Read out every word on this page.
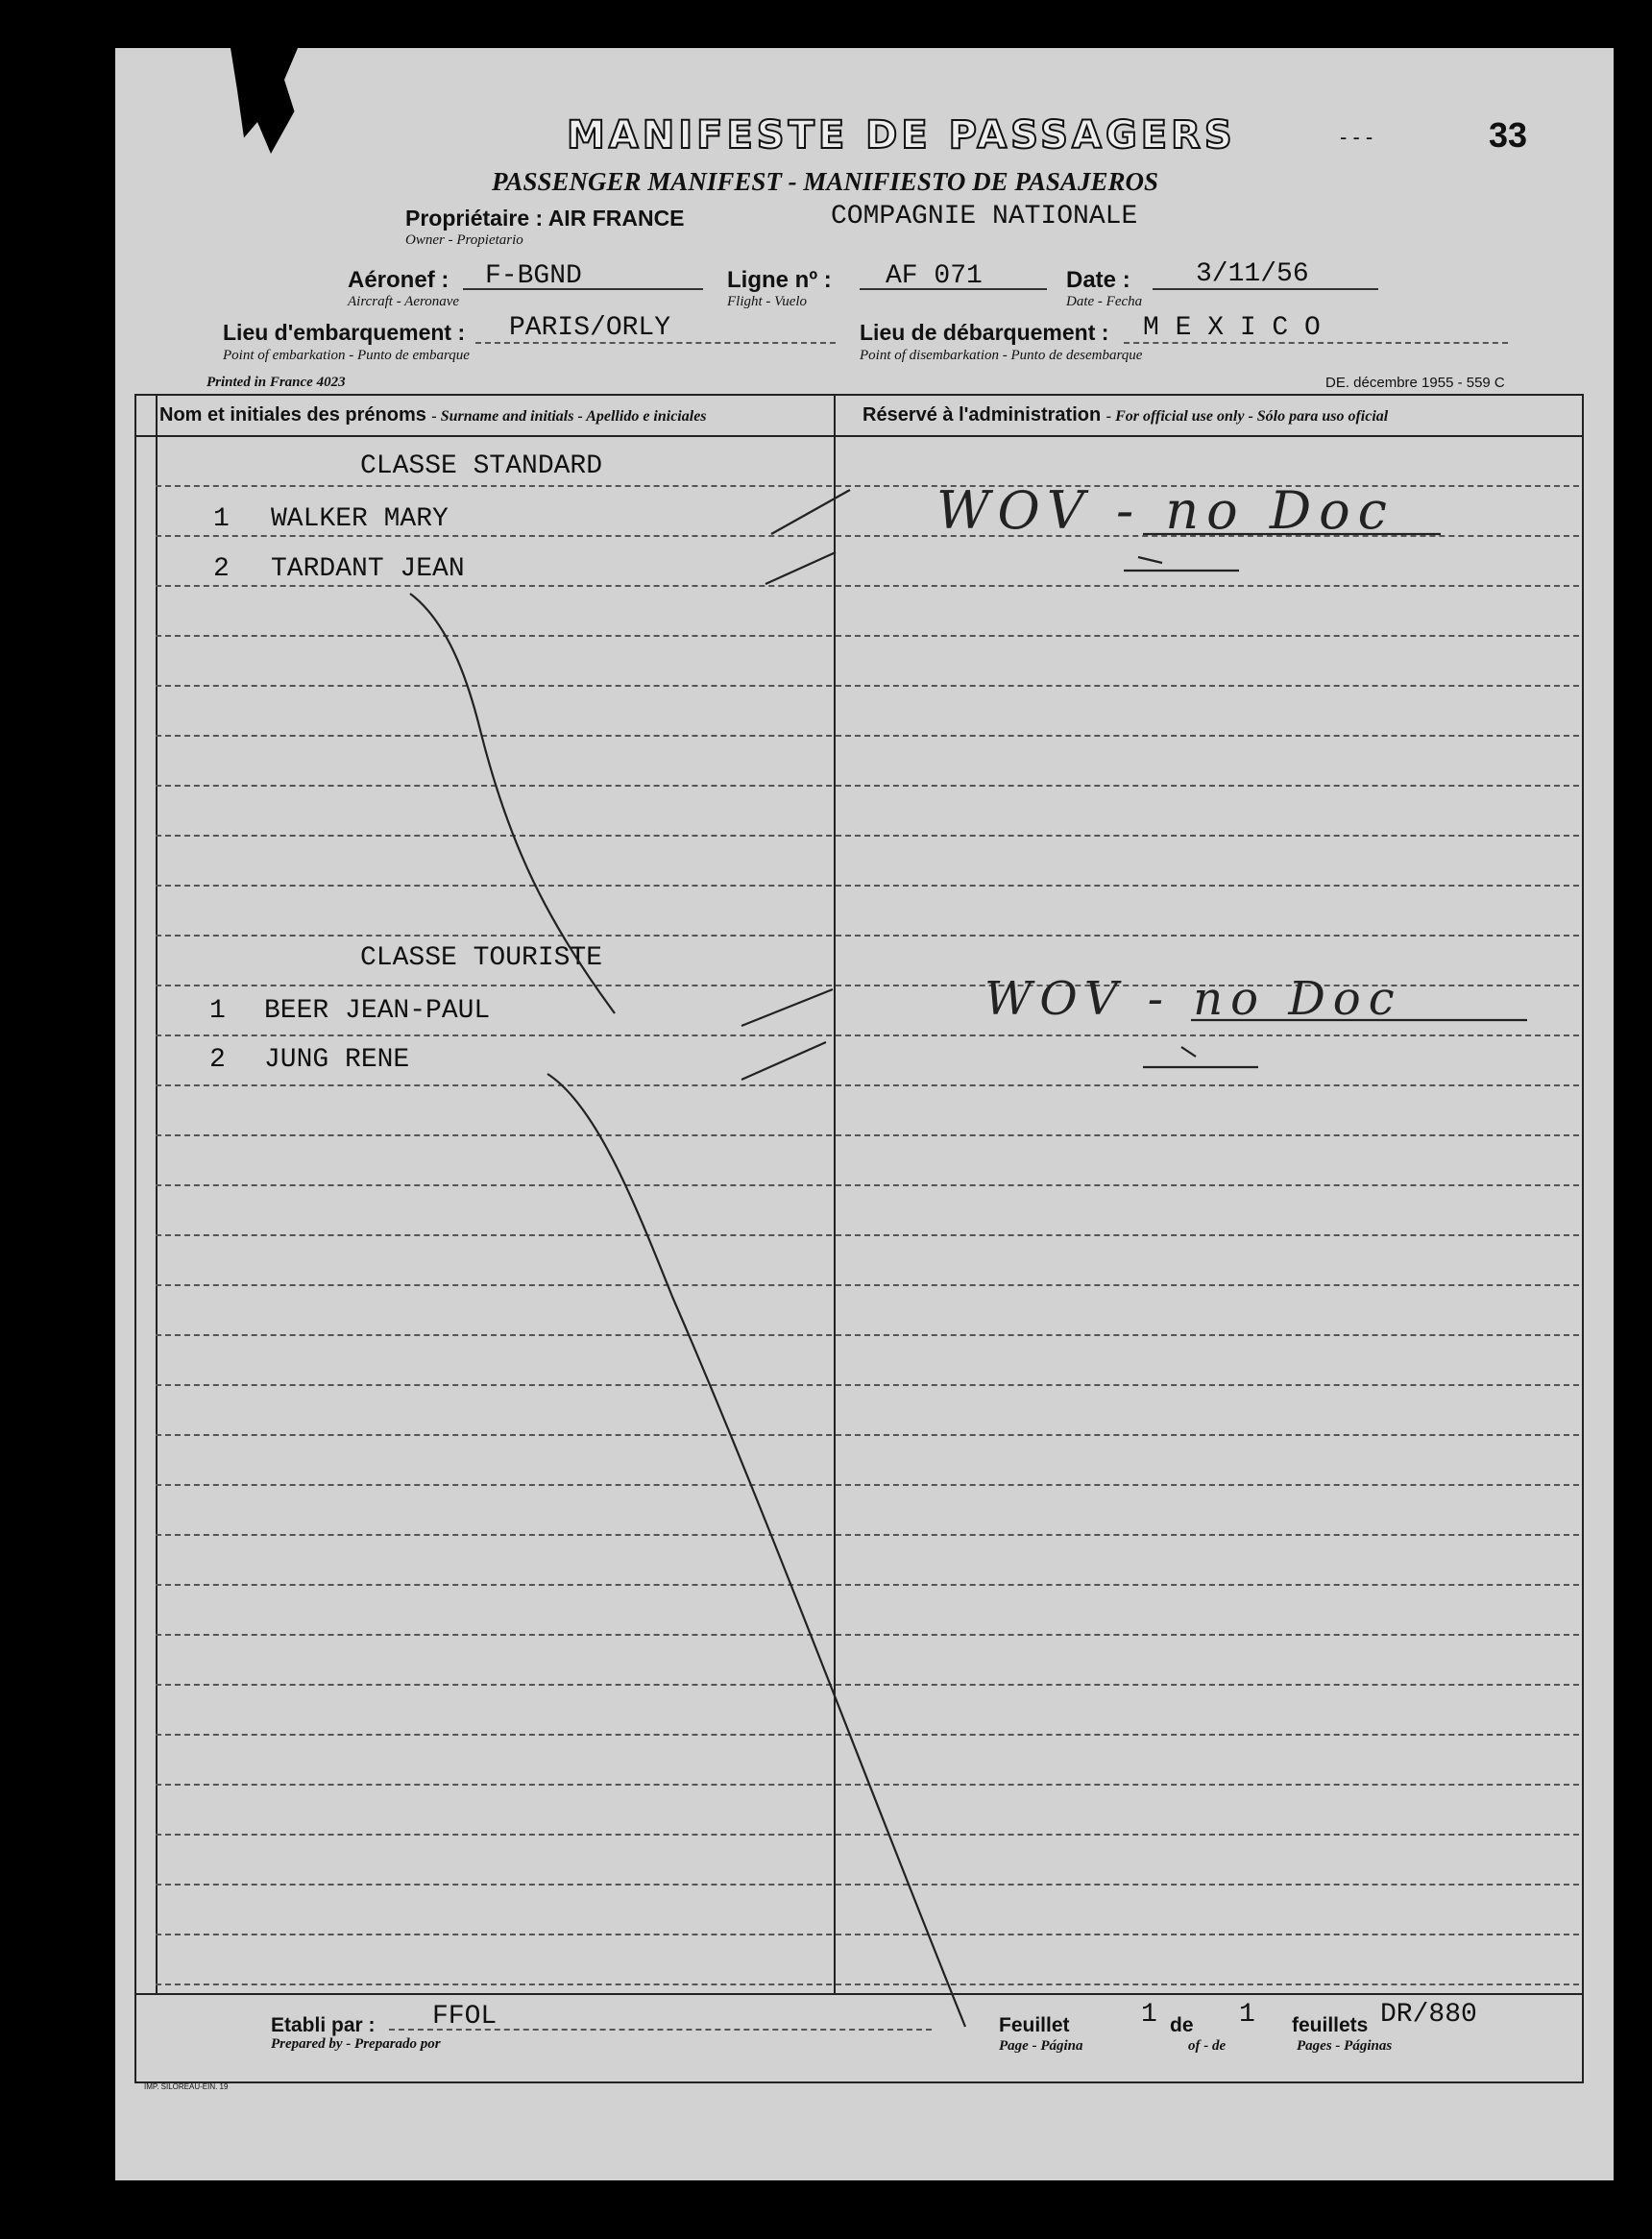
MANIFESTE DE PASSAGERS	- - -	33
PASSENGER MANIFEST - MANIFIESTO DE PASAJEROS
Propriétaire : AIR FRANCE	COMPAGNIE NATIONALE
Owner - Propietario
Aéronef : F-BGND
Aircraft - Aeronave
Ligne nº : AF 071
Flight - Vuelo
Date : 3/11/56
Date - Fecha
Lieu d'embarquement : PARIS/ORLY
Point of embarkation - Punto de embarque
Lieu de débarquement : M E X I C O
Point of disembarkation - Punto de desembarque
Printed in France 4023	DE. décembre 1955 - 559 C
Nom et initiales des prénoms - Surname and initials - Apellido e iniciales	Réservé à l'administration - For official use only - Sólo para uso oficial
CLASSE STANDARD
1 WALKER MARY
2 TARDANT JEAN
WOV - no Doc
CLASSE TOURISTE
1 BEER JEAN-PAUL
2 JUNG RENE
WOV - no Doc
Etabli par : FFOL
Prepared by - Preparado por
Feuillet	1 de 1 feuillets DR/880
Page - Página	of - de	Pages - Páginas
IMP. SILOREAU-EIN. 19
